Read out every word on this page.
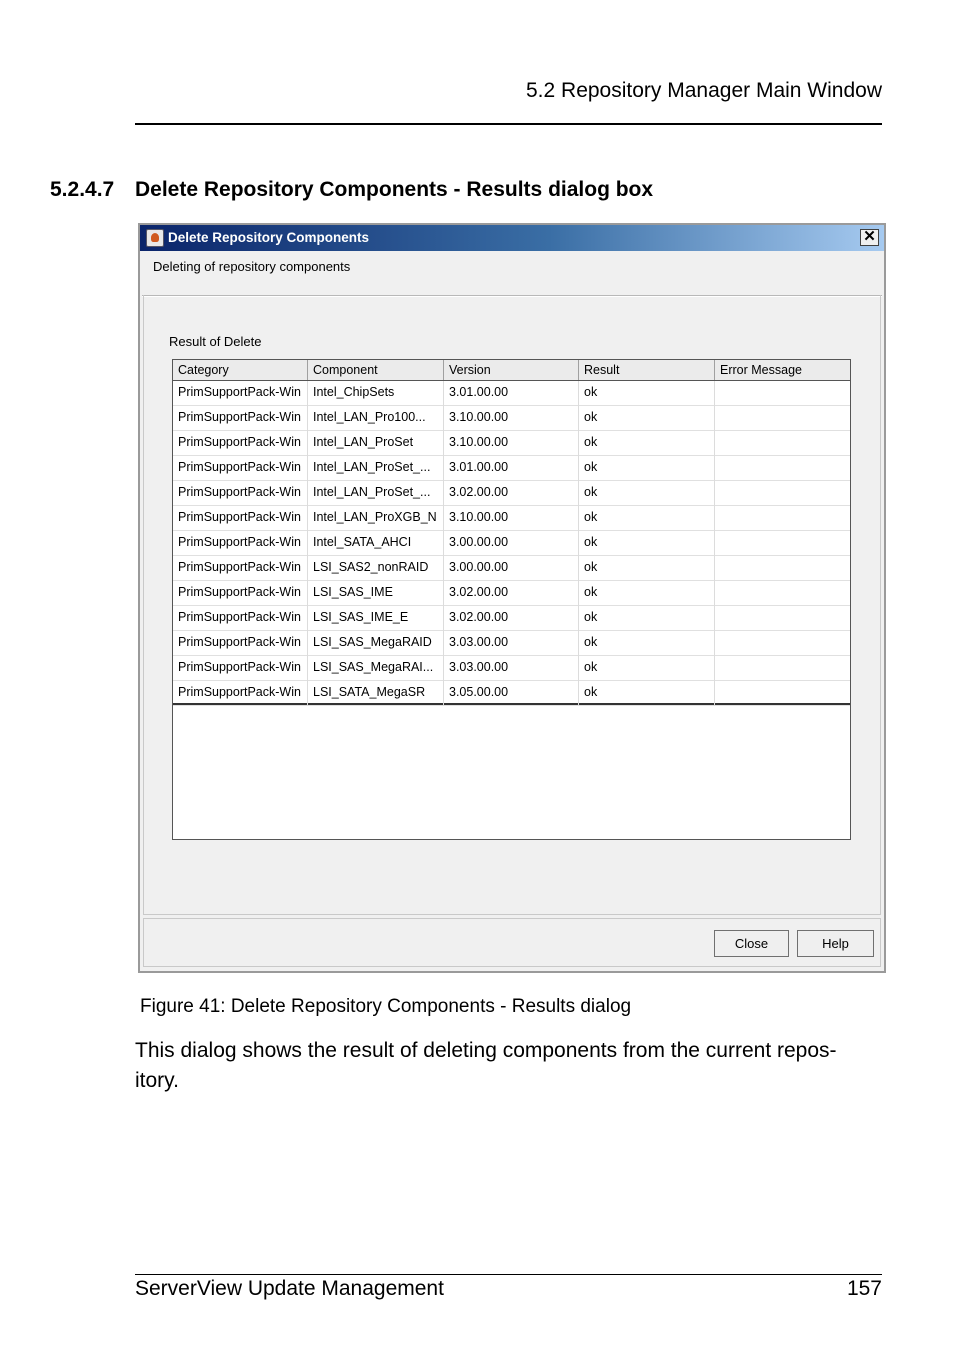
5.2 Repository Manager Main Window
5.2.4.7 Delete Repository Components - Results dialog box
Delete Repository Components	✕
Deleting of repository components
Result of Delete
Category	Component	Version	Result	Error Message
PrimSupportPack-Win Intel_ChipSets	3.01.00.00	ok
PrimSupportPack-Win Intel_LAN_Pro100...	3.10.00.00	ok
PrimSupportPack-Win Intel_LAN_ProSet	3.10.00.00	ok
PrimSupportPack-Win Intel_LAN_ProSet_...	3.01.00.00	ok
PrimSupportPack-Win Intel_LAN_ProSet_...	3.02.00.00	ok
PrimSupportPack-Win Intel_LAN_ProXGB_N 3.10.00.00	ok
PrimSupportPack-Win Intel_SATA_AHCI	3.00.00.00	ok
PrimSupportPack-Win LSI_SAS2_nonRAID	3.00.00.00	ok
PrimSupportPack-Win LSI_SAS_IME	3.02.00.00	ok
PrimSupportPack-Win LSI_SAS_IME_E	3.02.00.00	ok
PrimSupportPack-Win LSI_SAS_MegaRAID	3.03.00.00	ok
PrimSupportPack-Win LSI_SAS_MegaRAI...	3.03.00.00	ok
PrimSupportPack-Win LSI_SATA_MegaSR	3.05.00.00	ok
Close	Help
Figure 41: Delete Repository Components - Results dialog
This dialog shows the result of deleting components from the current repos- itory.
ServerView Update Management	157
